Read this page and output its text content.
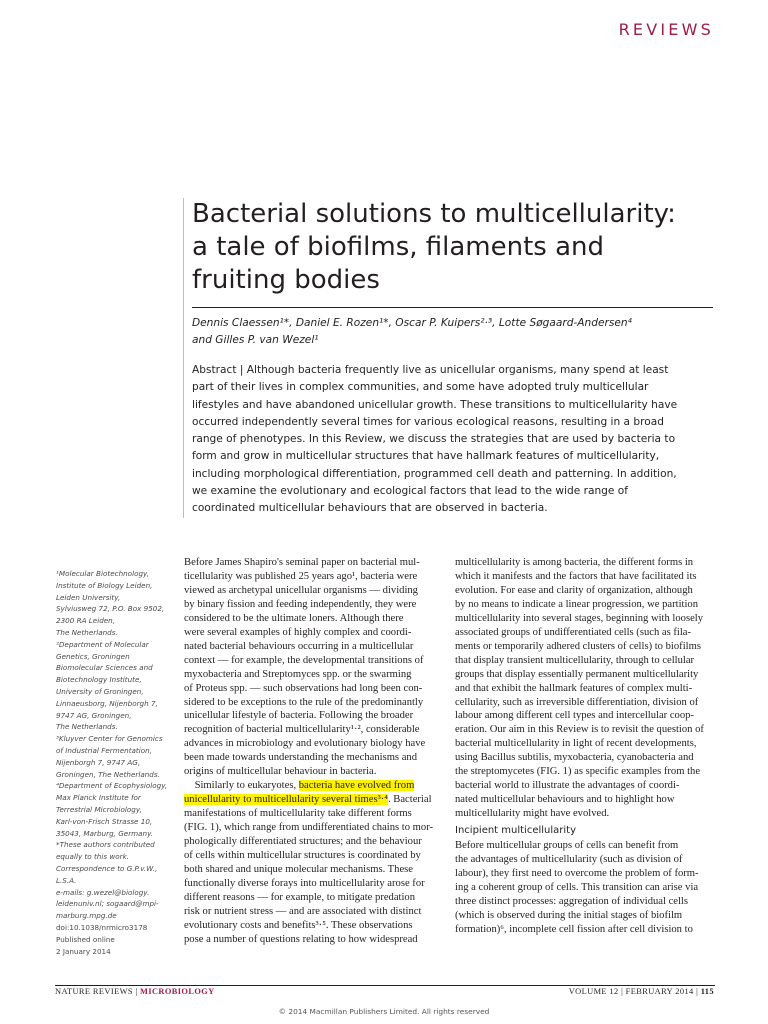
REVIEWS
Bacterial solutions to multicellularity:
a tale of biofilms, filaments and
fruiting bodies
Dennis Claessen¹*, Daniel E. Rozen¹*, Oscar P. Kuipers²·³, Lotte Søgaard-Andersen⁴
and Gilles P. van Wezel¹
Abstract | Although bacteria frequently live as unicellular organisms, many spend at least
part of their lives in complex communities, and some have adopted truly multicellular
lifestyles and have abandoned unicellular growth. These transitions to multicellularity have
occurred independently several times for various ecological reasons, resulting in a broad
range of phenotypes. In this Review, we discuss the strategies that are used by bacteria to
form and grow in multicellular structures that have hallmark features of multicellularity,
including morphological differentiation, programmed cell death and patterning. In addition,
we examine the evolutionary and ecological factors that lead to the wide range of
coordinated multicellular behaviours that are observed in bacteria.
¹Molecular Biotechnology,
Institute of Biology Leiden,
Leiden University,
Sylviusweg 72, P.O. Box 9502,
2300 RA Leiden,
The Netherlands.
²Department of Molecular
Genetics, Groningen
Biomolecular Sciences and
Biotechnology Institute,
University of Groningen,
Linnaeusborg, Nijenborgh 7,
9747 AG, Groningen,
The Netherlands.
³Kluyver Center for Genomics
of Industrial Fermentation,
Nijenborgh 7, 9747 AG,
Groningen, The Netherlands.
⁴Department of Ecophysiology,
Max Planck Institute for
Terrestrial Microbiology,
Karl-von-Frisch Strasse 10,
35043, Marburg, Germany.
*These authors contributed
equally to this work.
Correspondence to G.P.v.W.,
L.S.A.
e-mails: g.wezel@biology.
leidenuniv.nl; sogaard@mpi-
marburg.mpg.de
doi:10.1038/nrmicro3178
Published online
2 January 2014
Before James Shapiro's seminal paper on bacterial mul-
ticellularity was published 25 years ago¹, bacteria were
viewed as archetypal unicellular organisms — dividing
by binary fission and feeding independently, they were
considered to be the ultimate loners. Although there
were several examples of highly complex and coordi-
nated bacterial behaviours occurring in a multicellular
context — for example, the developmental transitions of
myxobacteria and Streptomyces spp. or the swarming
of Proteus spp. — such observations had long been con-
sidered to be exceptions to the rule of the predominantly
unicellular lifestyle of bacteria. Following the broader
recognition of bacterial multicellularity¹·², considerable
advances in microbiology and evolutionary biology have
been made towards understanding the mechanisms and
origins of multicellular behaviour in bacteria.
Similarly to eukaryotes, bacteria have evolved from
unicellularity to multicellularity several times³·⁴. Bacterial
manifestations of multicellularity take different forms
(FIG. 1), which range from undifferentiated chains to mor-
phologically differentiated structures; and the behaviour
of cells within multicellular structures is coordinated by
both shared and unique molecular mechanisms. These
functionally diverse forays into multicellularity arose for
different reasons — for example, to mitigate predation
risk or nutrient stress — and are associated with distinct
evolutionary costs and benefits³·⁵. These observations
pose a number of questions relating to how widespread
multicellularity is among bacteria, the different forms in
which it manifests and the factors that have facilitated its
evolution. For ease and clarity of organization, although
by no means to indicate a linear progression, we partition
multicellularity into several stages, beginning with loosely
associated groups of undifferentiated cells (such as fila-
ments or temporarily adhered clusters of cells) to biofilms
that display transient multicellularity, through to cellular
groups that display essentially permanent multicellularity
and that exhibit the hallmark features of complex multi-
cellularity, such as irreversible differentiation, division of
labour among different cell types and intercellular coop-
eration. Our aim in this Review is to revisit the question of
bacterial multicellularity in light of recent developments,
using Bacillus subtilis, myxobacteria, cyanobacteria and
the streptomycetes (FIG. 1) as specific examples from the
bacterial world to illustrate the advantages of coordi-
nated multicellular behaviours and to highlight how
multicellularity might have evolved.
Incipient multicellularity
Before multicellular groups of cells can benefit from
the advantages of multicellularity (such as division of
labour), they first need to overcome the problem of form-
ing a coherent group of cells. This transition can arise via
three distinct processes: aggregation of individual cells
(which is observed during the initial stages of biofilm
formation)⁶, incomplete cell fission after cell division to
NATURE REVIEWS | MICROBIOLOGY	VOLUME 12 | FEBRUARY 2014 | 115
© 2014 Macmillan Publishers Limited. All rights reserved
